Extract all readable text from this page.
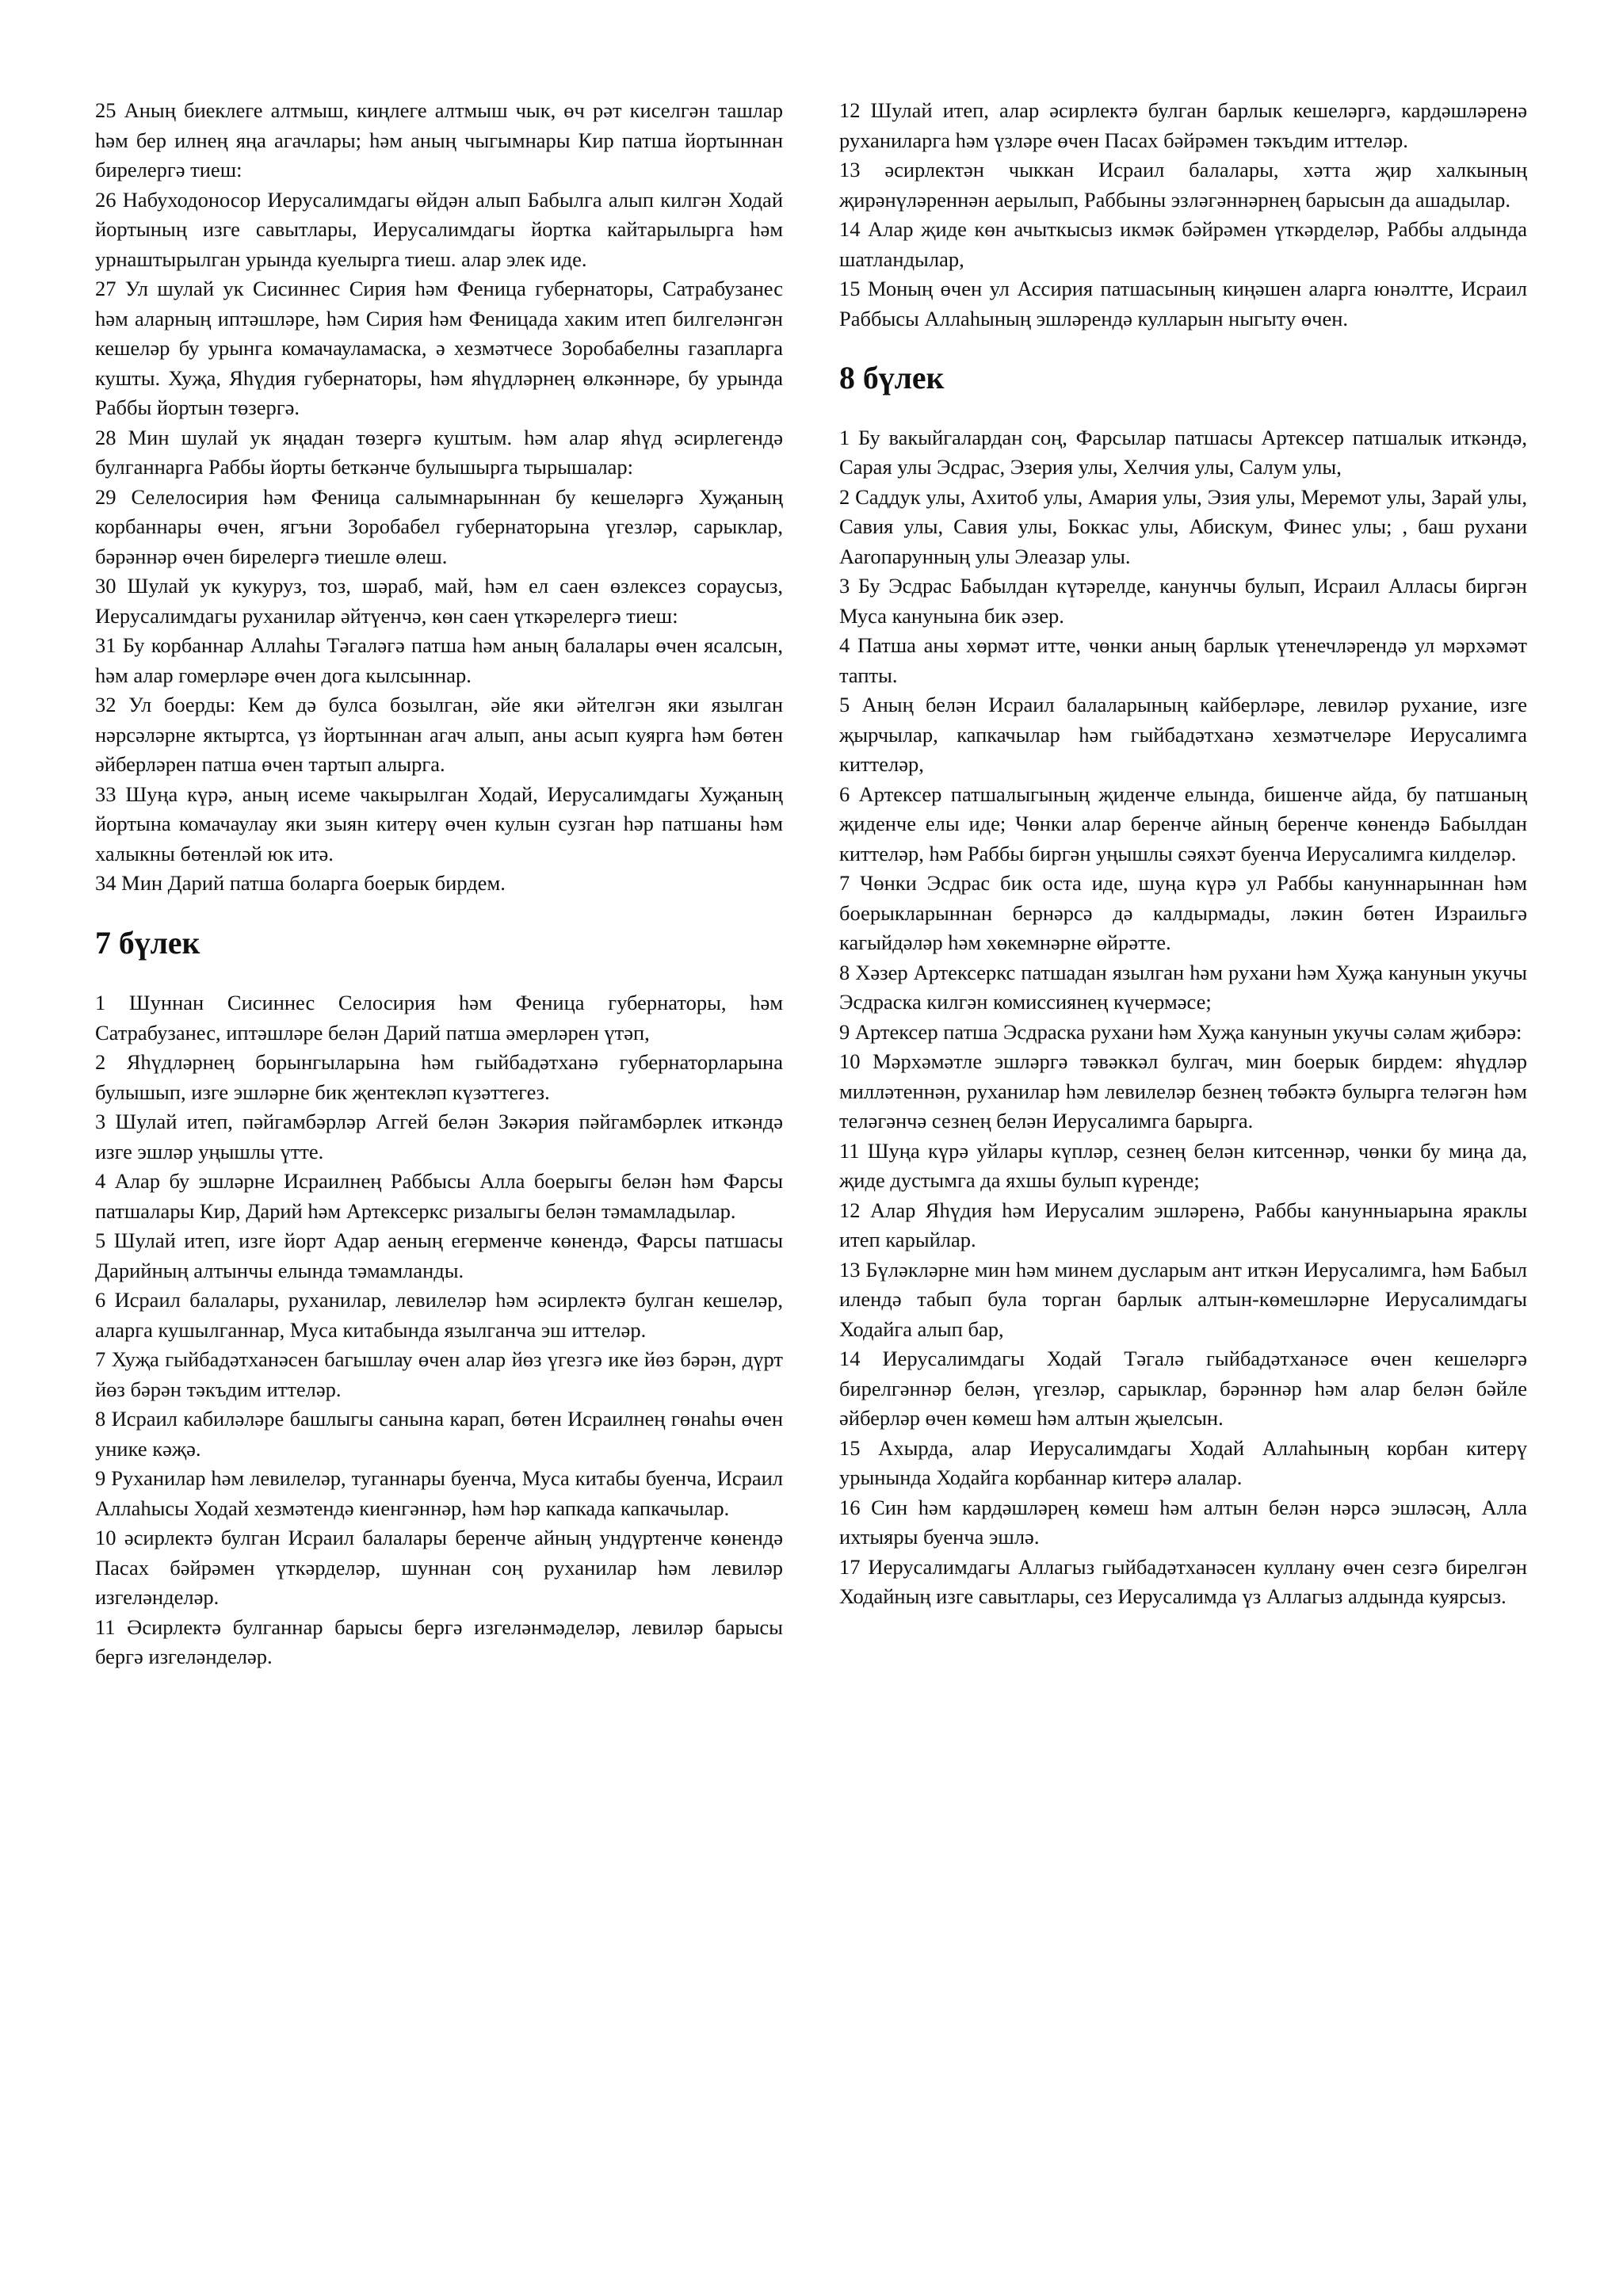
25 Аның биеклеге алтмыш, киңлеге алтмыш чык, өч рәт киселгән ташлар һәм бер илнең яңа агачлары; һәм аның чыгымнары Кир патша йортыннан бирелергә тиеш:

26 Набуходоносор Иерусалимдагы өйдән алып Бабылга алып килгән Ходай йортының изге савытлары, Иерусалимдагы йортка кайтарылырга һәм урнаштырылган урында куелырга тиеш. алар элек иде.

27 Ул шулай ук Сисиннес Сирия һәм Феница губернаторы, Сатрабузанес һәм аларның иптәшләре, һәм Сирия һәм Феницада хаким итеп билгеләнгән кешеләр бу урынга комачауламаска, ә хезмәтчесе Зоробабелны газапларга кушты. Хуҗа, Яһүдия губернаторы, һәм яһүдләрнең өлкәннәре, бу урында Раббы йортын төзергә.

28 Мин шулай ук яңадан төзергә куштым. һәм алар яһүд әсирлегендә булганнарга Раббы йорты беткәнче булышырга тырышалар:

29 Селелосирия һәм Феница салымнарыннан бу кешеләргә Хуҗаның корбаннары өчен, ягъни Зоробабел губернаторына үгезләр, сарыклар, бәрәннәр өчен бирелергә тиешле өлеш.

30 Шулай ук кукуруз, тоз, шәраб, май, һәм ел саен өзлексез сораусыз, Иерусалимдагы руханилар әйтүенчә, көн саен үткәрелергә тиеш:

31 Бу корбаннар Аллаһы Тәгаләгә патша һәм аның балалары өчен ясалсын, һәм алар гомерләре өчен дога кылсыннар.

32 Ул боерды: Кем дә булса бозылган, әйе яки әйтелгән яки язылган нәрсәләрне яктыртса, үз йортыннан агач алып, аны асып куярга һәм бөтен әйберләрен патша өчен тартып алырга.

33 Шуңа күрә, аның исеме чакырылган Ходай, Иерусалимдагы Хуҗаның йортына комачаулау яки зыян китерү өчен кулын сузган һәр патшаны һәм халыкны бөтенләй юк итә.

34 Мин Дарий патша боларга боерык бирдем.

7 бүлек

1 Шуннан Сисиннес Селосирия һәм Феница губернаторы, һәм Сатрабузанес, иптәшләре белән Дарий патша әмерләрен үтәп,

2 Яһүдләрнең борынгыларына һәм гыйбадәтханә губернаторларына булышып, изге эшләрне бик җентекләп күзәттегез.

3 Шулай итеп, пәйгамбәрләр Аггей белән Зәкәрия пәйгамбәрлек иткәндә изге эшләр уңышлы үтте.

4 Алар бу эшләрне Исраилнең Раббысы Алла боерыгы белән һәм Фарсы патшалары Кир, Дарий һәм Артексеркс ризалыгы белән тәмамладылар.

5 Шулай итеп, изге йорт Адар аеның егерменче көнендә, Фарсы патшасы Дарийның алтынчы елында тәмамланды.

6 Исраил балалары, руханилар, левилеләр һәм әсирлектә булган кешеләр, аларга кушылганнар, Муса китабында язылганча эш иттеләр.

7 Хуҗа гыйбадәтханәсен багышлау өчен алар йөз үгезгә ике йөз бәрән, дүрт йөз бәрән тәкъдим иттеләр.

8 Исраил кабиләләре башлыгы санына карап, бөтен Исраилнең гөнаһы өчен унике кәҗә.

9 Руханилар һәм левилеләр, туганнары буенча, Муса китабы буенча, Исраил Аллаһысы Ходай хезмәтендә киенгәннәр, һәм һәр капкада капкачылар.

10 әсирлектә булган Исраил балалары беренче айның ундүртенче көнендә Пасах бәйрәмен үткәрделәр, шуннан соң руханилар һәм левиләр изгеләнделәр.

11 Әсирлектә булганнар барысы бергә изгеләнмәделәр, левиләр барысы бергә изгеләнделәр.

12 Шулай итеп, алар әсирлектә булган барлык кешеләргә, кардәшләренә руханиларга һәм үзләре өчен Пасах бәйрәмен тәкъдим иттеләр.

13 әсирлектән чыккан Исраил балалары, хәтта җир халкының җирәнүләреннән аерылып, Раббыны эзләгәннәрнең барысын да ашадылар.

14 Алар җиде көн ачыткысыз икмәк бәйрәмен үткәрделәр, Раббы алдында шатландылар,

15 Моның өчен ул Ассирия патшасының киңәшен аларга юнәлтте, Исраил Раббысы Аллаһының эшләрендә кулларын ныгыту өчен.

8 бүлек

1 Бу вакыйгалардан соң, Фарсылар патшасы Артексер патшалык иткәндә, Сарая улы Эсдрас, Эзерия улы, Хелчия улы, Салум улы,

2 Саддук улы, Ахитоб улы, Амария улы, Эзия улы, Меремот улы, Зарай улы, Савия улы, Савия улы, Боккас улы, Абискум, Финес улы; , баш рухани Ааrопарунның улы Элеазар улы.

3 Бу Эсдрас Бабылдан күтәрелде, канунчы булып, Исраил Алласы биргән Муса канунына бик әзер.

4 Патша аны хөрмәт итте, чөнки аның барлык үтенечләрендә ул мәрхәмәт тапты.

5 Аның белән Исраил балаларының кайберләре, левиләр рухание, изге җырчылар, капкачылар һәм гыйбадәтханә хезмәтчеләре Иерусалимга киттеләр,

6 Артексер патшалыгының җиденче елында, бишенче айда, бу патшаның җиденче елы иде; Чөнки алар беренче айның беренче көнендә Бабылдан киттеләр, һәм Раббы биргән уңышлы сәяхәт буенча Иерусалимга килделәр.

7 Чөнки Эсдрас бик оста иде, шуңа күрә ул Раббы кануннарыннан һәм боерыкларыннан бернәрсә дә калдырмады, ләкин бөтен Израильгә кагыйдәләр һәм хөкемнәрне өйрәтте.

8 Хәзер Артексеркс патшадан язылган һәм рухани һәм Хуҗа канунын укучы Эсдраска килгән комиссиянең күчермәсе;

9 Артексер патша Эсдраска рухани һәм Хуҗа канунын укучы сәлам җибәрә:

10 Мәрхәмәтле эшләргә тәвәккәл булгач, мин боерык бирдем: яһүдләр милләтеннән, руханилар һәм левилеләр безнең төбәктә булырга теләгән һәм теләгәнчә сезнең белән Иерусалимга барырга.

11 Шуңа күрә уйлары күпләр, сезнең белән китсеннәр, чөнки бу миңа да, җиде дустымга да яхшы булып күренде;

12 Алар Яһүдия һәм Иерусалим эшләренә, Раббы канунныарына яраклы итеп карыйлар.

13 Бүләкләрне мин һәм минем дусларым ант иткән Иерусалимга, һәм Бабыл илендә табып була торган барлык алтын-көмешләрне Иерусалимдагы Ходайга алып бар,

14 Иерусалимдагы Ходай Тәгалә гыйбадәтханәсе өчен кешеләргә бирелгәннәр белән, үгезләр, сарыклар, бәрәннәр һәм алар белән бәйле әйберләр өчен көмеш һәм алтын җыелсын.

15 Ахырда, алар Иерусалимдагы Ходай Аллаһының корбан китерү урынында Ходайга корбаннар китерә алалар.

16 Син һәм кардәшләрең көмеш һәм алтын белән нәрсә эшләсәң, Алла ихтыяры буенча эшлә.

17 Иерусалимдагы Аллагыз гыйбадәтханәсен куллану өчен сезгә бирелгән Ходайның изге савытлары, сез Иерусалимда үз Аллагыз алдында куярсыз.
